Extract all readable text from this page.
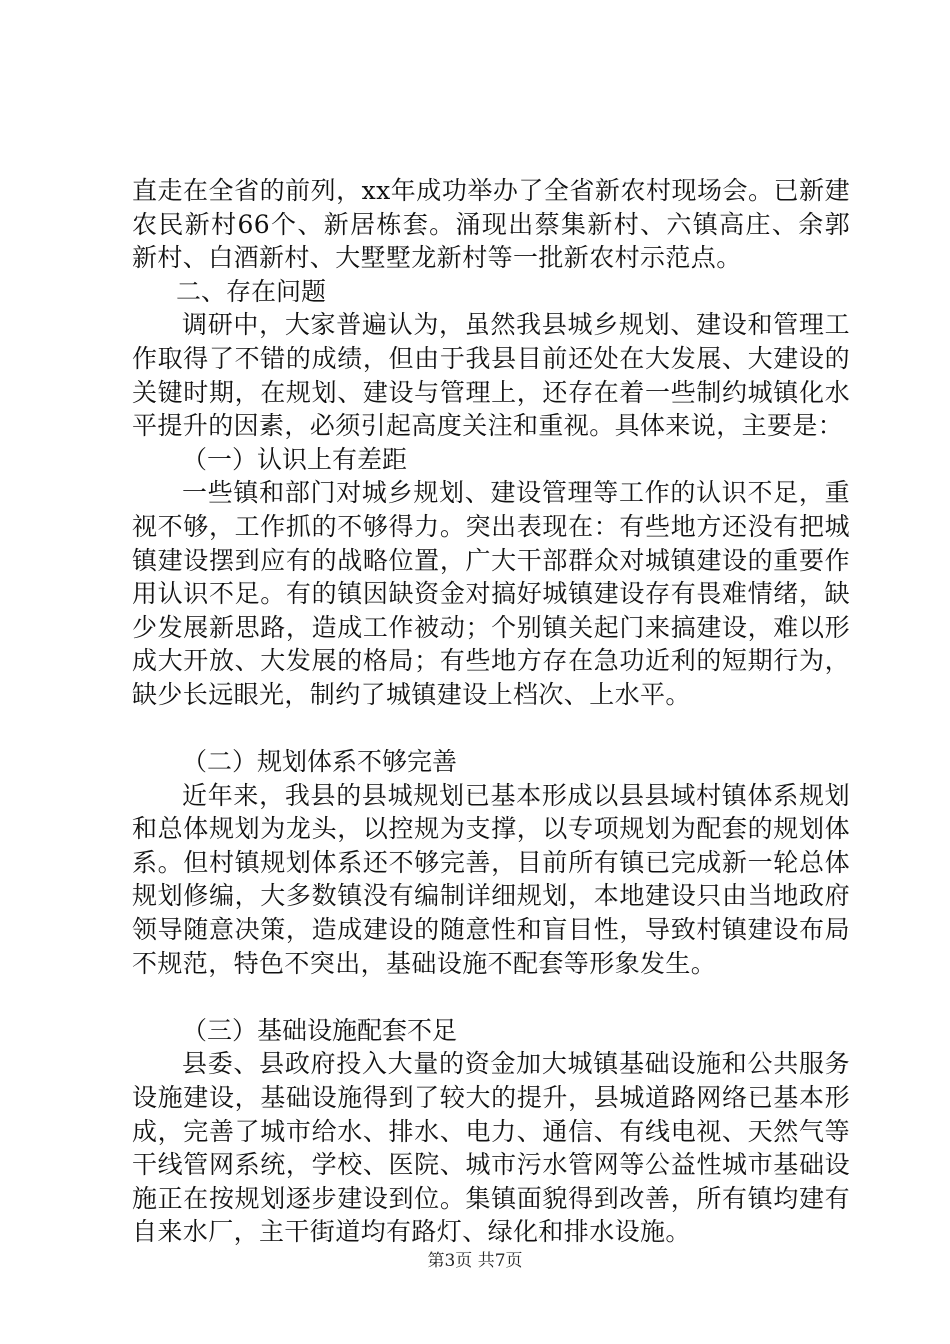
直走在全省的前列，xx年成功举办了全省新农村现场会。已新建农民新村66个、新居栋套。涌现出蔡集新村、六镇高庄、余郭新村、白酒新村、大墅墅龙新村等一批新农村示范点。

二、存在问题

调研中，大家普遍认为，虽然我县城乡规划、建设和管理工作取得了不错的成绩，但由于我县目前还处在大发展、大建设的关键时期，在规划、建设与管理上，还存在着一些制约城镇化水平提升的因素，必须引起高度关注和重视。具体来说，主要是：

（一）认识上有差距

一些镇和部门对城乡规划、建设管理等工作的认识不足，重视不够，工作抓的不够得力。突出表现在：有些地方还没有把城镇建设摆到应有的战略位置，广大干部群众对城镇建设的重要作用认识不足。有的镇因缺资金对搞好城镇建设存有畏难情绪，缺少发展新思路，造成工作被动；个别镇关起门来搞建设，难以形成大开放、大发展的格局；有些地方存在急功近利的短期行为，缺少长远眼光，制约了城镇建设上档次、上水平。

（二）规划体系不够完善

近年来，我县的县城规划已基本形成以县县域村镇体系规划和总体规划为龙头，以控规为支撑，以专项规划为配套的规划体系。但村镇规划体系还不够完善，目前所有镇已完成新一轮总体规划修编，大多数镇没有编制详细规划，本地建设只由当地政府领导随意决策，造成建设的随意性和盲目性，导致村镇建设布局不规范，特色不突出，基础设施不配套等形象发生。

（三）基础设施配套不足

县委、县政府投入大量的资金加大城镇基础设施和公共服务设施建设，基础设施得到了较大的提升，县城道路网络已基本形成，完善了城市给水、排水、电力、通信、有线电视、天然气等干线管网系统，学校、医院、城市污水管网等公益性城市基础设施正在按规划逐步建设到位。集镇面貌得到改善，所有镇均建有自来水厂，主干街道均有路灯、绿化和排水设施。

第3页 共7页
